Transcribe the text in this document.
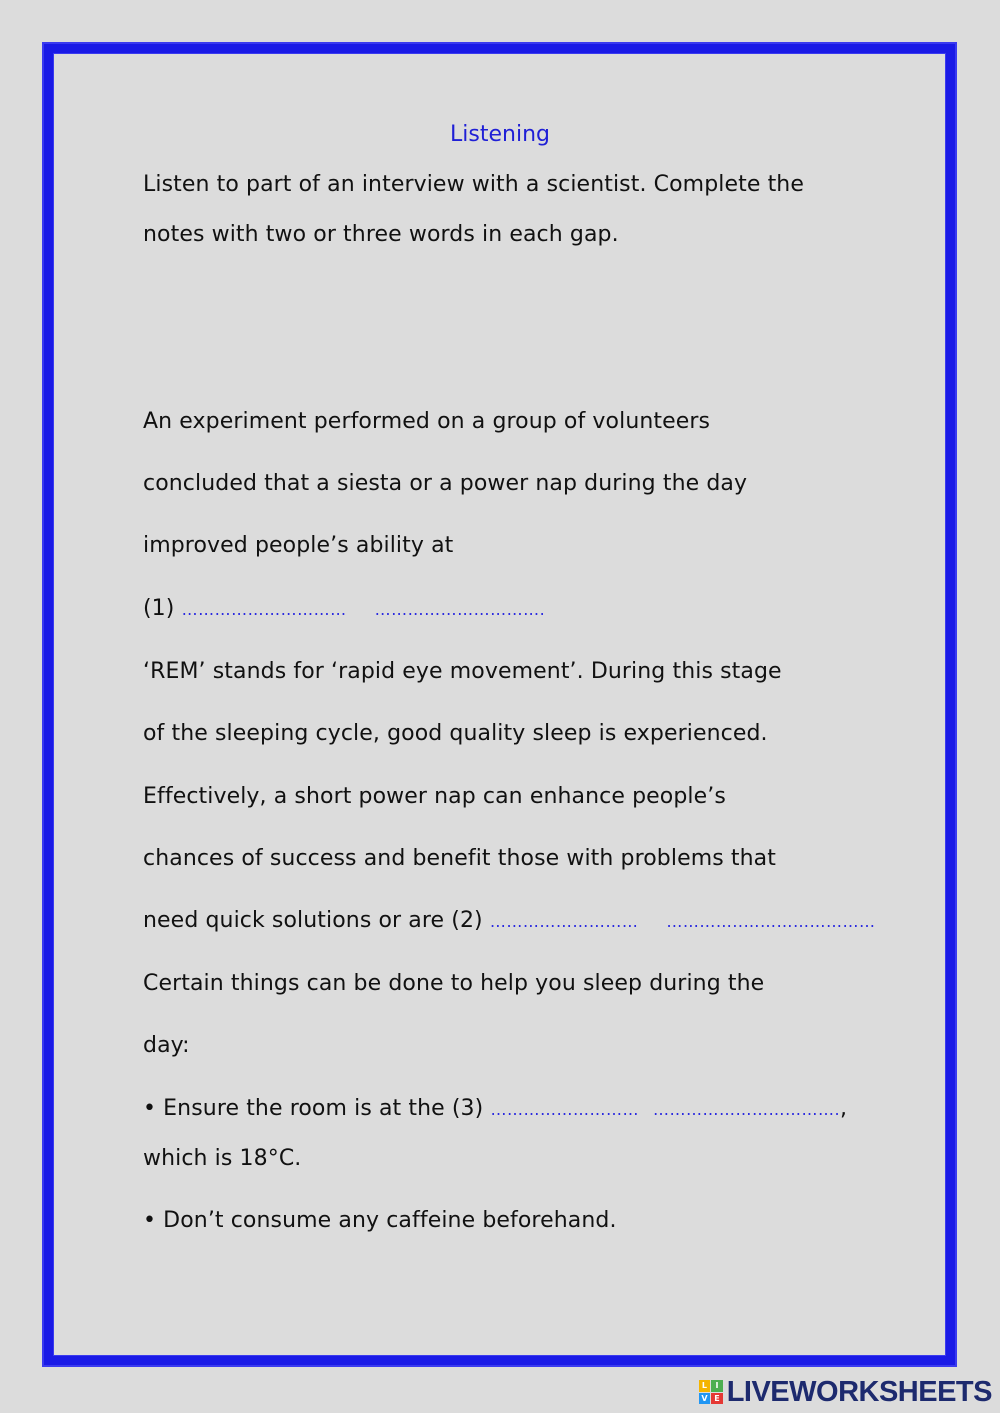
Listening
Listen to part of an interview with a scientist. Complete the
notes with two or three words in each gap.
An experiment performed on a group of volunteers
concluded that a siesta or a power nap during the day
improved people’s ability at
(1) ………………………… ………………………….
‘REM’ stands for ‘rapid eye movement’. During this stage
of the sleeping cycle, good quality sleep is experienced.
Effectively, a short power nap can enhance people’s
chances of success and benefit those with problems that
need quick solutions or are (2) ……………………… …………..……………………
Certain things can be done to help you sleep during the
day:
• Ensure the room is at the (3) ……………………… …………………………….,
which is 18°C.
• Don’t consume any caffeine beforehand.
L	I
V E LIVEWORKSHEETS
